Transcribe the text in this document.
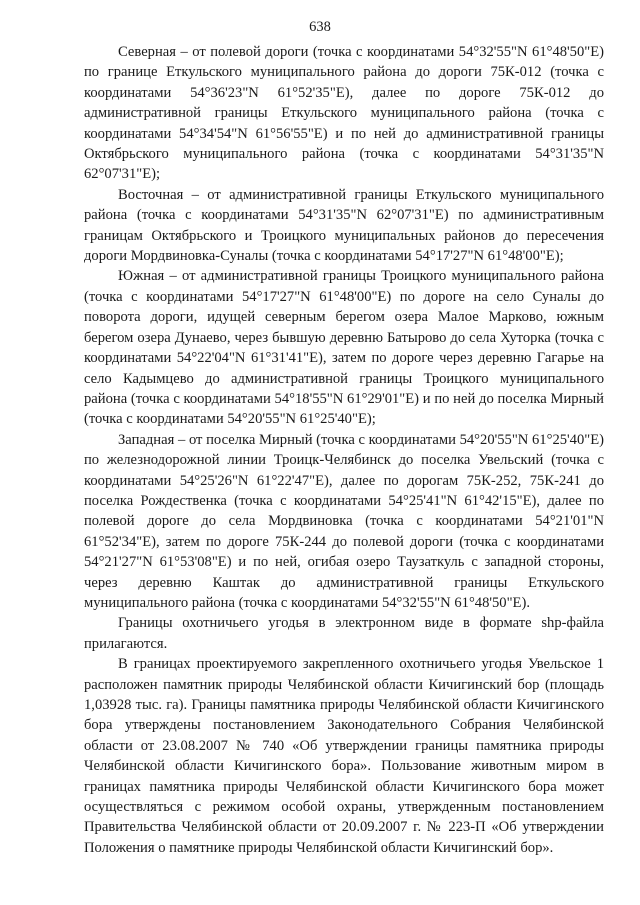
638

Северная – от полевой дороги (точка с координатами 54°32'55"N 61°48'50"E) по границе Еткульского муниципального района до дороги 75К-012 (точка с координатами 54°36'23"N 61°52'35"E), далее по дороге 75К-012 до административной границы Еткульского муниципального района (точка с координатами 54°34'54"N 61°56'55"E) и по ней до административной границы Октябрьского муниципального района (точка с координатами 54°31'35"N 62°07'31"E);

Восточная – от административной границы Еткульского муниципального района (точка с координатами 54°31'35"N 62°07'31"E) по административным границам Октябрьского и Троицкого муниципальных районов до пересечения дороги Мордвиновка-Суналы (точка с координатами 54°17'27"N 61°48'00"E);

Южная – от административной границы Троицкого муниципального района (точка с координатами 54°17'27"N 61°48'00"E) по дороге на село Суналы до поворота дороги, идущей северным берегом озера Малое Марково, южным берегом озера Дунаево, через бывшую деревню Батырово до села Хуторка (точка с координатами 54°22'04"N 61°31'41"E), затем по дороге через деревню Гагарье на село Кадымцево до административной границы Троицкого муниципального района (точка с координатами 54°18'55"N 61°29'01"E) и по ней до поселка Мирный (точка с координатами 54°20'55"N 61°25'40"E);

Западная – от поселка Мирный (точка с координатами 54°20'55"N 61°25'40"E) по железнодорожной линии Троицк-Челябинск до поселка Увельский (точка с координатами 54°25'26"N 61°22'47"E), далее по дорогам 75К-252, 75К-241 до поселка Рождественка (точка с координатами 54°25'41"N 61°42'15"E), далее по полевой дороге до села Мордвиновка (точка с координатами 54°21'01"N 61°52'34"E), затем по дороге 75К-244 до полевой дороги (точка с координатами 54°21'27"N 61°53'08"E) и по ней, огибая озеро Таузаткуль с западной стороны, через деревню Каштак до административной границы Еткульского муниципального района (точка с координатами 54°32'55"N 61°48'50"E).

Границы охотничьего угодья в электронном виде в формате shp-файла прилагаются.

В границах проектируемого закрепленного охотничьего угодья Увельское 1 расположен памятник природы Челябинской области Кичигинский бор (площадь 1,03928 тыс. га). Границы памятника природы Челябинской области Кичигинского бора утверждены постановлением Законодательного Собрания Челябинской области от 23.08.2007 № 740 «Об утверждении границы памятника природы Челябинской области Кичигинского бора». Пользование животным миром в границах памятника природы Челябинской области Кичигинского бора может осуществляться с режимом особой охраны, утвержденным постановлением Правительства Челябинской области от 20.09.2007 г. № 223-П «Об утверждении Положения о памятнике природы Челябинской области Кичигинский бор».
